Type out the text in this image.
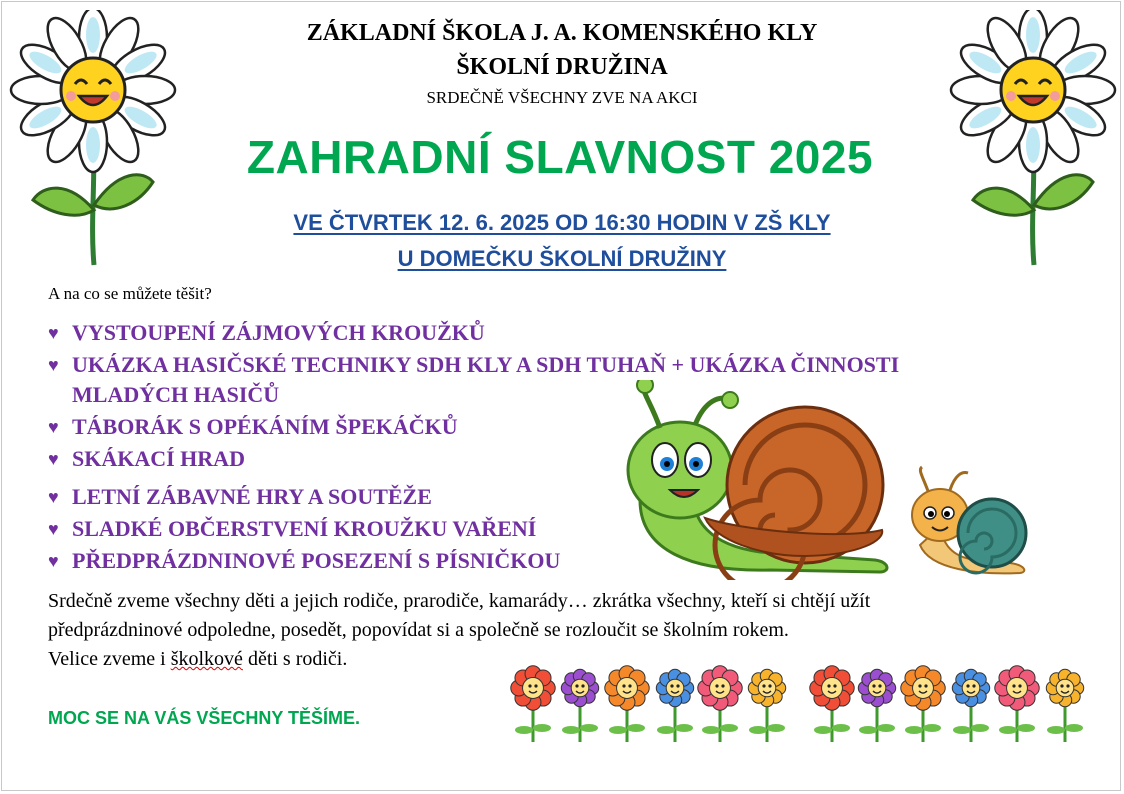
ZÁKLADNÍ ŠKOLA J. A. KOMENSKÉHO KLY
ŠKOLNÍ DRUŽINA
SRDEČNĚ VŠECHNY ZVE NA AKCI
ZAHRADNÍ SLAVNOST 2025
VE ČTVRTEK 12. 6. 2025 OD 16:30 HODIN V ZŠ KLY
U DOMEČKU ŠKOLNÍ DRUŽINY
A na co se můžete těšit?
♥ VYSTOUPENÍ ZÁJMOVÝCH KROUŽKŮ
♥ UKÁZKA HASIČSKÉ TECHNIKY SDH KLY A SDH TUHAŇ + UKÁZKA ČINNOSTI MLADÝCH HASIČŮ
♥ TÁBORÁK S OPÉKÁNÍM ŠPEKÁČKŮ
♥ SKÁKACÍ HRAD
♥ LETNÍ ZÁBAVNÉ HRY A SOUTĚŽE
♥ SLADKÉ OBČERSTVENÍ KROUŽKU VAŘENÍ
♥ PŘEDPRÁZDNINOVÉ POSEZENÍ S PÍSNIČKOU
Srdečně zveme všechny děti a jejich rodiče, prarodiče, kamarády… zkrátka všechny, kteří si chtějí užít
předprázdninové odpoledne, posedět, popovídat si a společně se rozloučit se školním rokem.
Velice zveme i školkové děti s rodiči.
MOC SE NA VÁS VŠECHNY TĚŠÍME.
